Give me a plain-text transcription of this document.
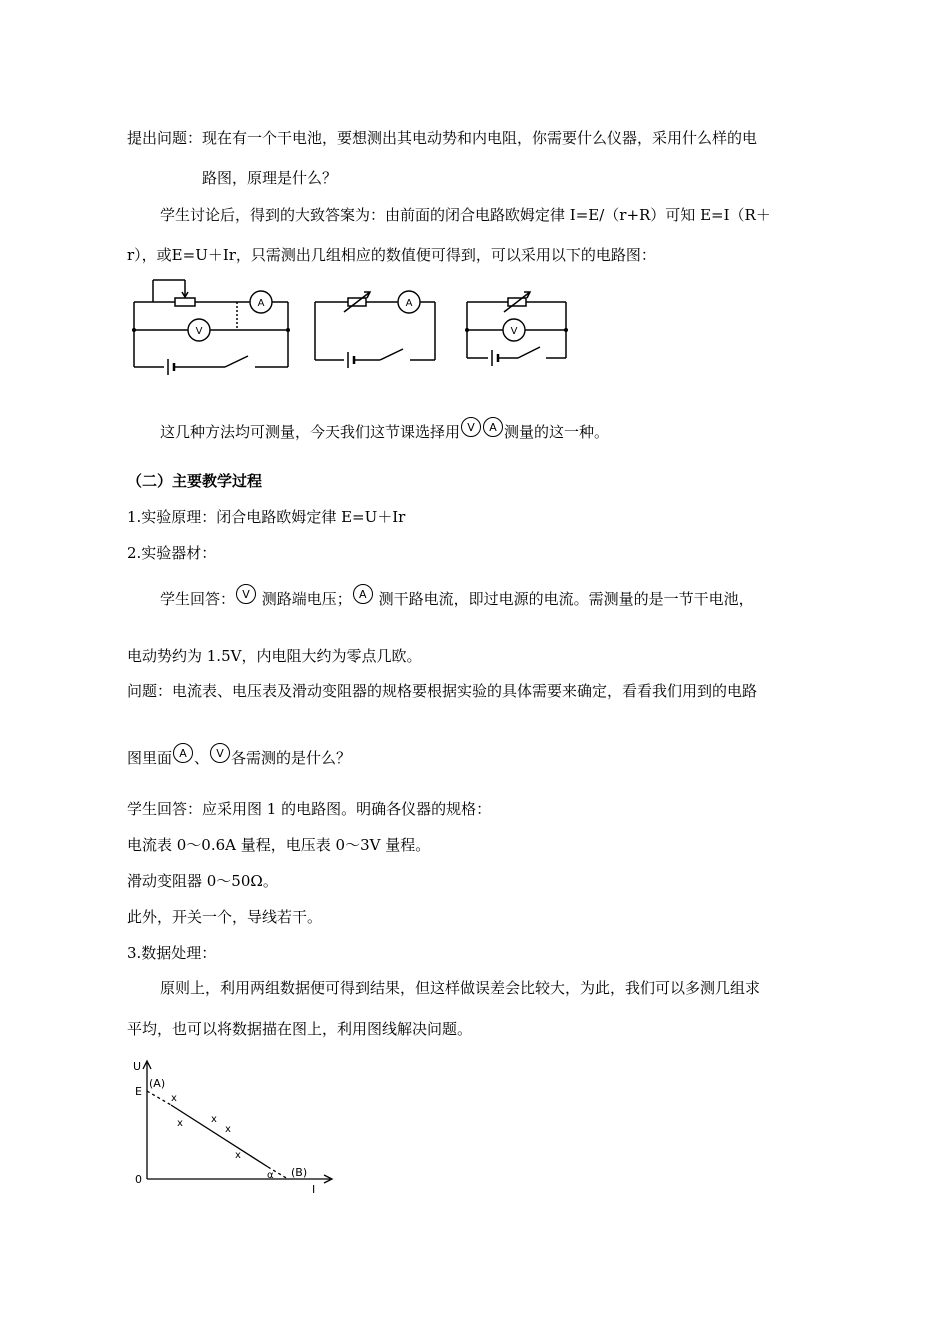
提出问题：现在有一个干电池，要想测出其电动势和内电阻，你需要什么仪器，采用什么样的电
路图，原理是什么？
学生讨论后，得到的大致答案为：由前面的闭合电路欧姆定律 I=E/（r+R）可知 E=I（R＋
r），或E=U＋Ir，只需测出几组相应的数值便可得到，可以采用以下的电路图：
A
V
A
V
这几种方法均可测量，今天我们这节课选择用 V A 测量的这一种。
（二）主要教学过程
1.实验原理：闭合电路欧姆定律 E=U＋Ir
2.实验器材：
学生回答： V 测路端电压； A 测干路电流，即过电源的电流。需测量的是一节干电池，
电动势约为 1.5V，内电阻大约为零点几欧。
问题：电流表、电压表及滑动变阻器的规格要根据实验的具体需要来确定，看看我们用到的电路
图里面 A 、 V 各需测的是什么？
学生回答：应采用图 1 的电路图。明确各仪器的规格：
电流表 0～0.6A 量程，电压表 0～3V 量程。
滑动变阻器 0～50Ω。
此外，开关一个，导线若干。
3.数据处理：
原则上，利用两组数据便可得到结果，但这样做误差会比较大，为此，我们可以多测几组求
平均，也可以将数据描在图上，利用图线解决问题。
U
I
0
E
(A)
(B)
α
x
x	x
x
x
